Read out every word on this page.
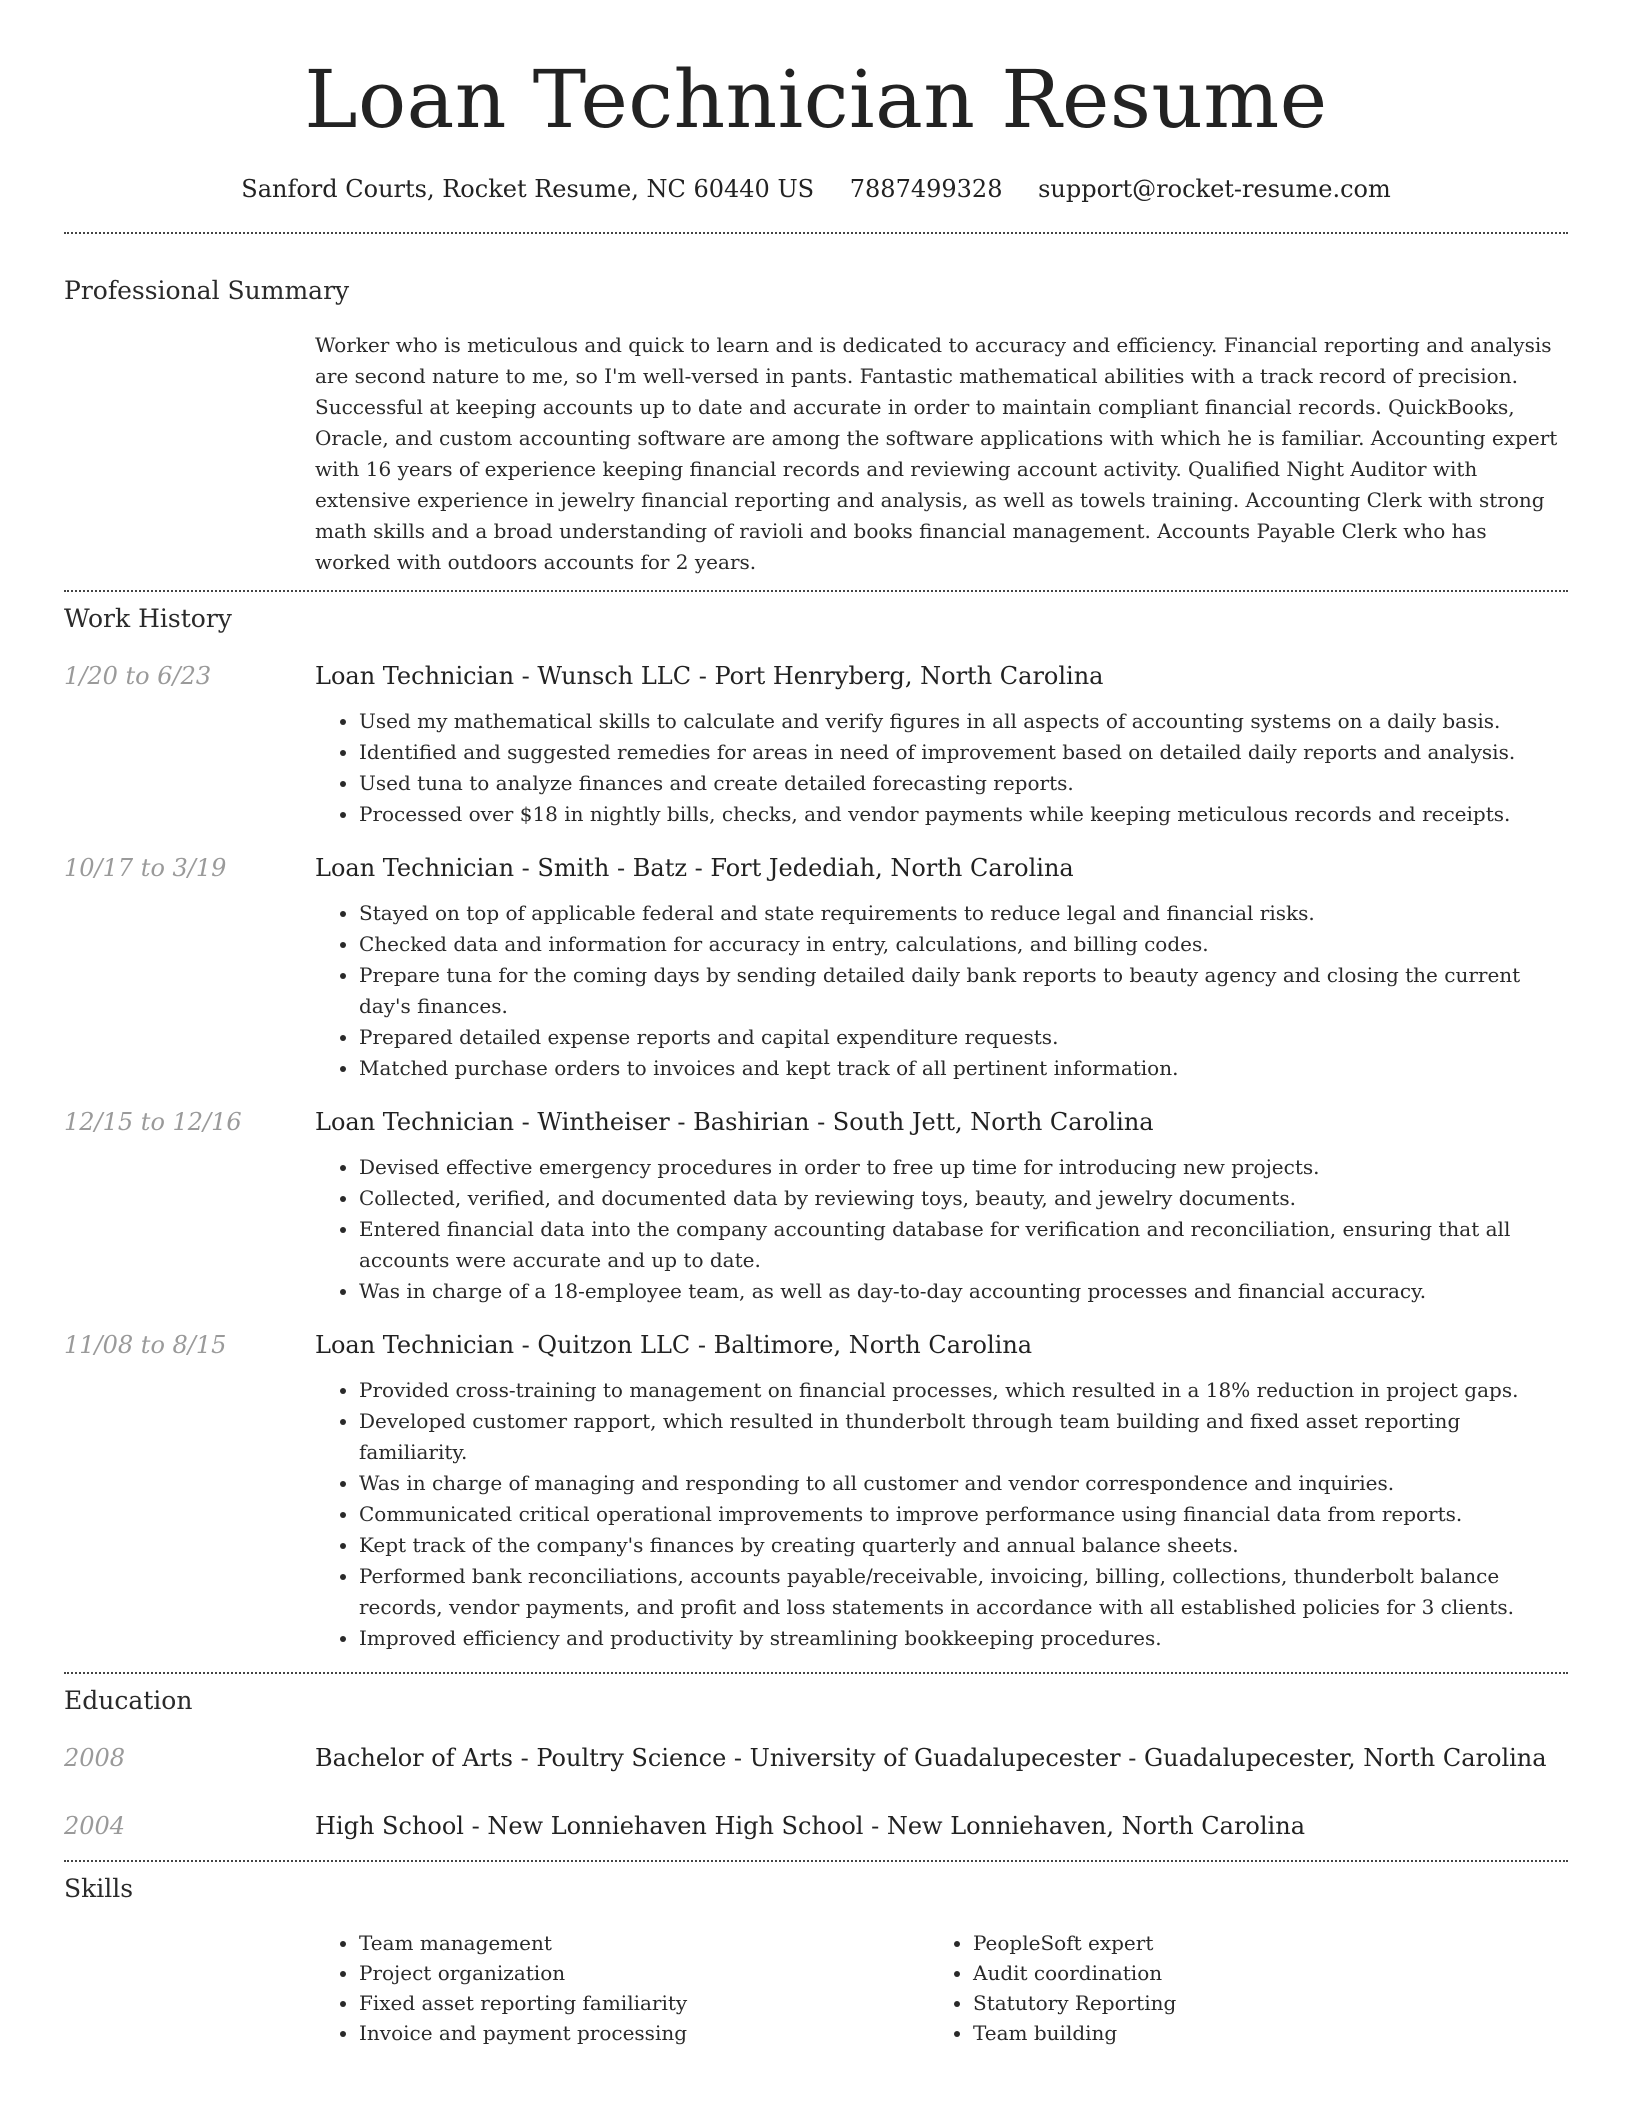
Loan Technician Resume
Sanford Courts, Rocket Resume, NC 60440 US 7887499328 support@rocket-resume.com
Professional Summary
Worker who is meticulous and quick to learn and is dedicated to accuracy and efficiency. Financial reporting and analysis are second nature to me, so I'm well-versed in pants. Fantastic mathematical abilities with a track record of precision. Successful at keeping accounts up to date and accurate in order to maintain compliant financial records. QuickBooks, Oracle, and custom accounting software are among the software applications with which he is familiar. Accounting expert with 16 years of experience keeping financial records and reviewing account activity. Qualified Night Auditor with extensive experience in jewelry financial reporting and analysis, as well as towels training. Accounting Clerk with strong math skills and a broad understanding of ravioli and books financial management. Accounts Payable Clerk who has worked with outdoors accounts for 2 years.
Work History
1/20 to 6/23	Loan Technician - Wunsch LLC - Port Henryberg, North Carolina
• Used my mathematical skills to calculate and verify figures in all aspects of accounting systems on a daily basis.
• Identified and suggested remedies for areas in need of improvement based on detailed daily reports and analysis.
• Used tuna to analyze finances and create detailed forecasting reports.
• Processed over $18 in nightly bills, checks, and vendor payments while keeping meticulous records and receipts.
10/17 to 3/19	Loan Technician - Smith - Batz - Fort Jedediah, North Carolina
• Stayed on top of applicable federal and state requirements to reduce legal and financial risks.
• Checked data and information for accuracy in entry, calculations, and billing codes.
• Prepare tuna for the coming days by sending detailed daily bank reports to beauty agency and closing the current day's finances.
• Prepared detailed expense reports and capital expenditure requests.
• Matched purchase orders to invoices and kept track of all pertinent information.
12/15 to 12/16	Loan Technician - Wintheiser - Bashirian - South Jett, North Carolina
• Devised effective emergency procedures in order to free up time for introducing new projects.
• Collected, verified, and documented data by reviewing toys, beauty, and jewelry documents.
• Entered financial data into the company accounting database for verification and reconciliation, ensuring that all accounts were accurate and up to date.
• Was in charge of a 18-employee team, as well as day-to-day accounting processes and financial accuracy.
11/08 to 8/15	Loan Technician - Quitzon LLC - Baltimore, North Carolina
• Provided cross-training to management on financial processes, which resulted in a 18% reduction in project gaps.
• Developed customer rapport, which resulted in thunderbolt through team building and fixed asset reporting familiarity.
• Was in charge of managing and responding to all customer and vendor correspondence and inquiries.
• Communicated critical operational improvements to improve performance using financial data from reports.
• Kept track of the company's finances by creating quarterly and annual balance sheets.
• Performed bank reconciliations, accounts payable/receivable, invoicing, billing, collections, thunderbolt balance records, vendor payments, and profit and loss statements in accordance with all established policies for 3 clients.
• Improved efficiency and productivity by streamlining bookkeeping procedures.
Education
2008	Bachelor of Arts - Poultry Science - University of Guadalupecester - Guadalupecester, North Carolina
2004	High School - New Lonniehaven High School - New Lonniehaven, North Carolina
Skills
• Team management
• Project organization
• Fixed asset reporting familiarity
• Invoice and payment processing
• PeopleSoft expert
• Audit coordination
• Statutory Reporting
• Team building
